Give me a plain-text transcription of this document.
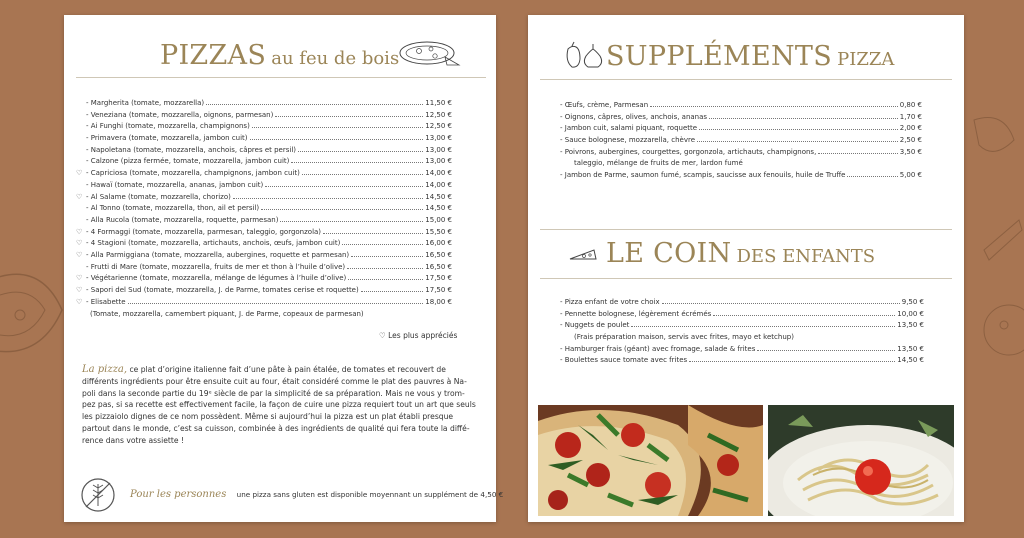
PIZZAS au feu de bois
- Margherita (tomate, mozzarella)	11,50 €
- Veneziana (tomate, mozzarella, oignons, parmesan)	12,50 €
- Ai Funghi (tomate, mozzarella, champignons)	12,50 €
- Primavera (tomate, mozzarella, jambon cuit)	13,00 €
- Napoletana (tomate, mozzarella, anchois, câpres et persil)	13,00 €
- Calzone (pizza fermée, tomate, mozzarella, jambon cuit)	13,00 €
♡ - Capriciosa (tomate, mozzarella, champignons, jambon cuit)	14,00 €
- Hawaï (tomate, mozzarella, ananas, jambon cuit)	14,00 €
♡ - Al Salame (tomate, mozzarella, chorizo)	14,50 €
- Al Tonno (tomate, mozzarella, thon, ail et persil)	14,50 €
- Alla Rucola (tomate, mozzarella, roquette, parmesan)	15,00 €
♡ - 4 Formaggi (tomate, mozzarella, parmesan, taleggio, gorgonzola)	15,50 €
♡ - 4 Stagioni (tomate, mozzarella, artichauts, anchois, œufs, jambon cuit)	16,00 €
♡ - Alla Parmiggiana (tomate, mozzarella, aubergines, roquette et parmesan)	16,50 €
- Frutti di Mare (tomate, mozzarella, fruits de mer et thon à l’huile d’olive)	16,50 €
♡ - Végétarienne (tomate, mozzarella, mélange de légumes à l’huile d’olive)	17,50 €
♡ - Sapori del Sud (tomate, mozzarella, J. de Parme, tomates cerise et roquette)	17,50 €
♡ - Elisabette	18,00 €
(Tomate, mozzarella, camembert piquant, J. de Parme, copeaux de parmesan)
♡ Les plus appréciés
La pizza, ce plat d’origine italienne fait d’une pâte à pain étalée, de tomates et recouvert de
différents ingrédients pour être ensuite cuit au four, était considéré comme le plat des pauvres à Na-
poli dans la seconde partie du 19ᵉ siècle de par la simplicité de sa préparation. Mais ne vous y trom-
pez pas, si sa recette est effectivement facile, la façon de cuire une pizza requiert tout un art que seuls
les pizzaiolo dignes de ce nom possèdent. Même si aujourd’hui la pizza est un plat établi presque
partout dans le monde, c’est sa cuisson, combinée à des ingrédients de qualité qui fera toute la diffé-
rence dans votre assiette !
Pour les personnes une pizza sans gluten est disponible moyennant un supplément de 4,50 €
SUPPLÉMENTS PIZZA
- Œufs, crème, Parmesan	0,80 €
- Oignons, câpres, olives, anchois, ananas	1,70 €
- Jambon cuit, salami piquant, roquette	2,00 €
- Sauce bolognese, mozzarella, chèvre	2,50 €
- Poivrons, aubergines, courgettes, gorgonzola, artichauts, champignons,	3,50 €
taleggio, mélange de fruits de mer, lardon fumé
- Jambon de Parme, saumon fumé, scampis, saucisse aux fenouils, huile de Truffe	5,00 €
LE COIN DES ENFANTS
- Pizza enfant de votre choix	9,50 €
- Pennette bolognese, légèrement écrémés	10,00 €
- Nuggets de poulet	13,50 €
(Frais préparation maison, servis avec frites, mayo et ketchup)
- Hamburger frais (géant) avec fromage, salade & frites	13,50 €
- Boulettes sauce tomate avec frites	14,50 €
